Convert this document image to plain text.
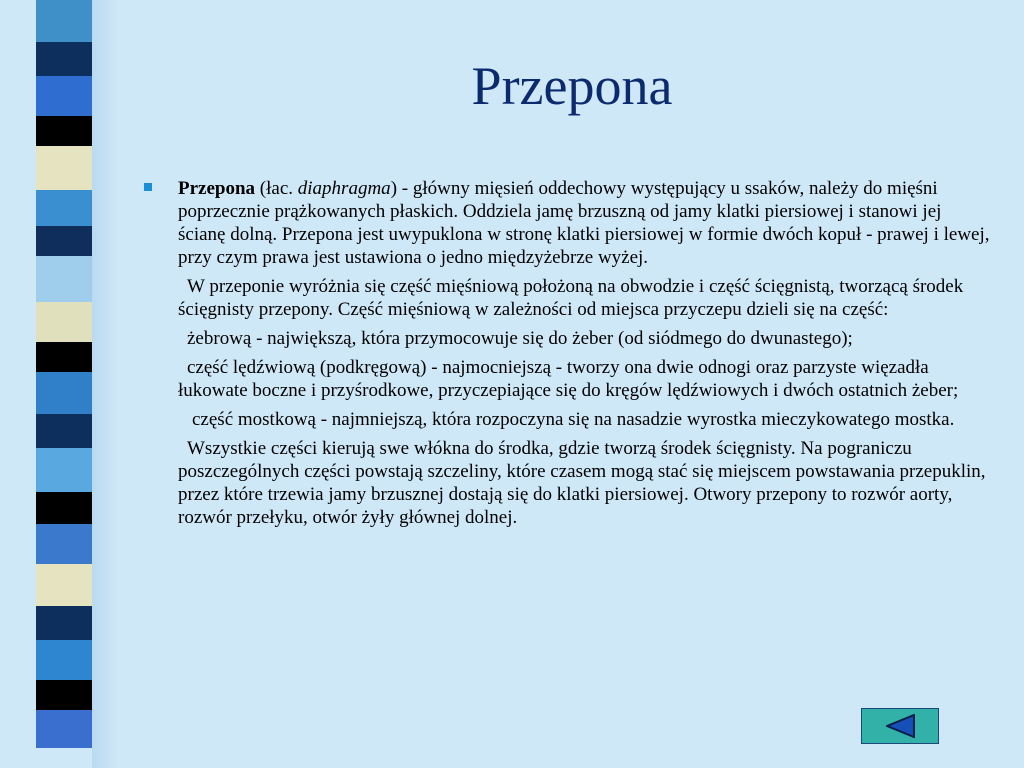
Przepona

Przepona (łac. diaphragma) - główny mięsień oddechowy występujący u ssaków, należy do mięśni poprzecznie prążkowanych płaskich. Oddziela jamę brzuszną od jamy klatki piersiowej i stanowi jej ścianę dolną. Przepona jest uwypuklona w stronę klatki piersiowej w formie dwóch kopuł - prawej i lewej, przy czym prawa jest ustawiona o jedno międzyżebrze wyżej.

W przeponie wyróżnia się część mięśniową położoną na obwodzie i część ścięgnistą, tworzącą środek ścięgnisty przepony. Część mięśniową w zależności od miejsca przyczepu dzieli się na część:

żebrową - największą, która przymocowuje się do żeber (od siódmego do dwunastego);

część lędźwiową (podkręgową) - najmocniejszą - tworzy ona dwie odnogi oraz parzyste więzadła łukowate boczne i przyśrodkowe, przyczepiające się do kręgów lędźwiowych i dwóch ostatnich żeber;

część mostkową - najmniejszą, która rozpoczyna się na nasadzie wyrostka mieczykowatego mostka.

Wszystkie części kierują swe włókna do środka, gdzie tworzą środek ścięgnisty. Na pograniczu poszczególnych części powstają szczeliny, które czasem mogą stać się miejscem powstawania przepuklin, przez które trzewia jamy brzusznej dostają się do klatki piersiowej. Otwory przepony to rozwór aorty, rozwór przełyku, otwór żyły głównej dolnej.
